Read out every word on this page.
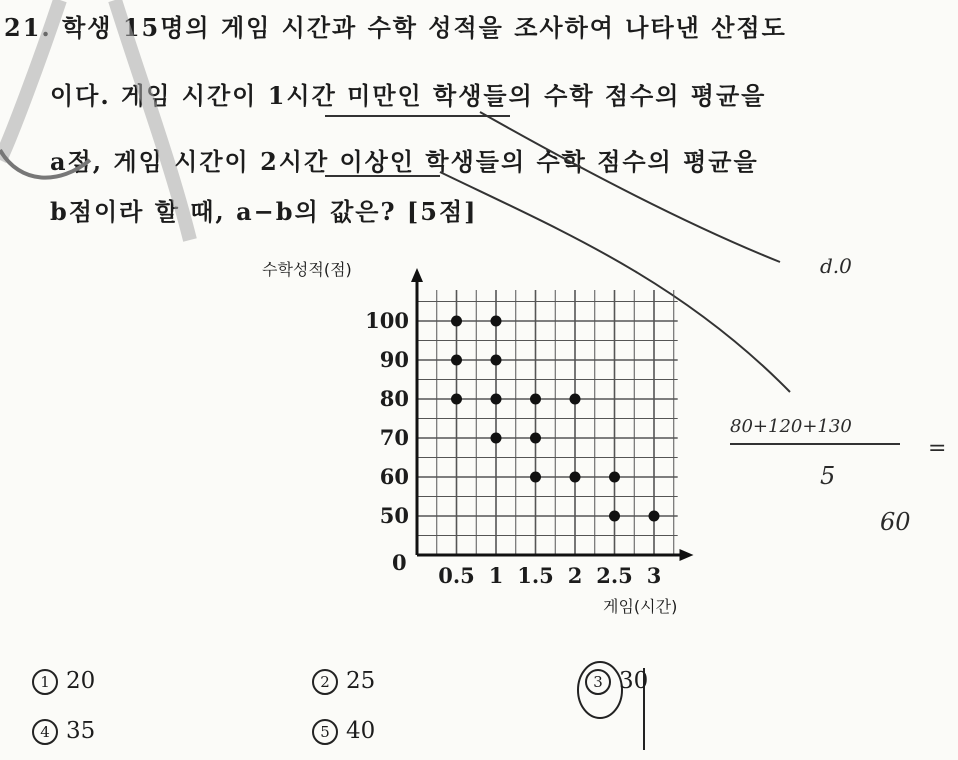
21. 학생 15명의 게임 시간과 수학 성적을 조사하여 나타낸 산점도
이다. 게임 시간이 1시간 미만인 학생들의 수학 점수의 평균을
a점, 게임 시간이 2시간 이상인 학생들의 수학 점수의 평균을
b점이라 할 때, a−b의 값은? [5점]
0.5 1 1.5 2 2.5 3
50
60
70
80
90
100
수학성적(점)
게임(시간)
0
d.0
80+120+130
5
60
=
1 20	2 25	3 30
4 35	5 40
